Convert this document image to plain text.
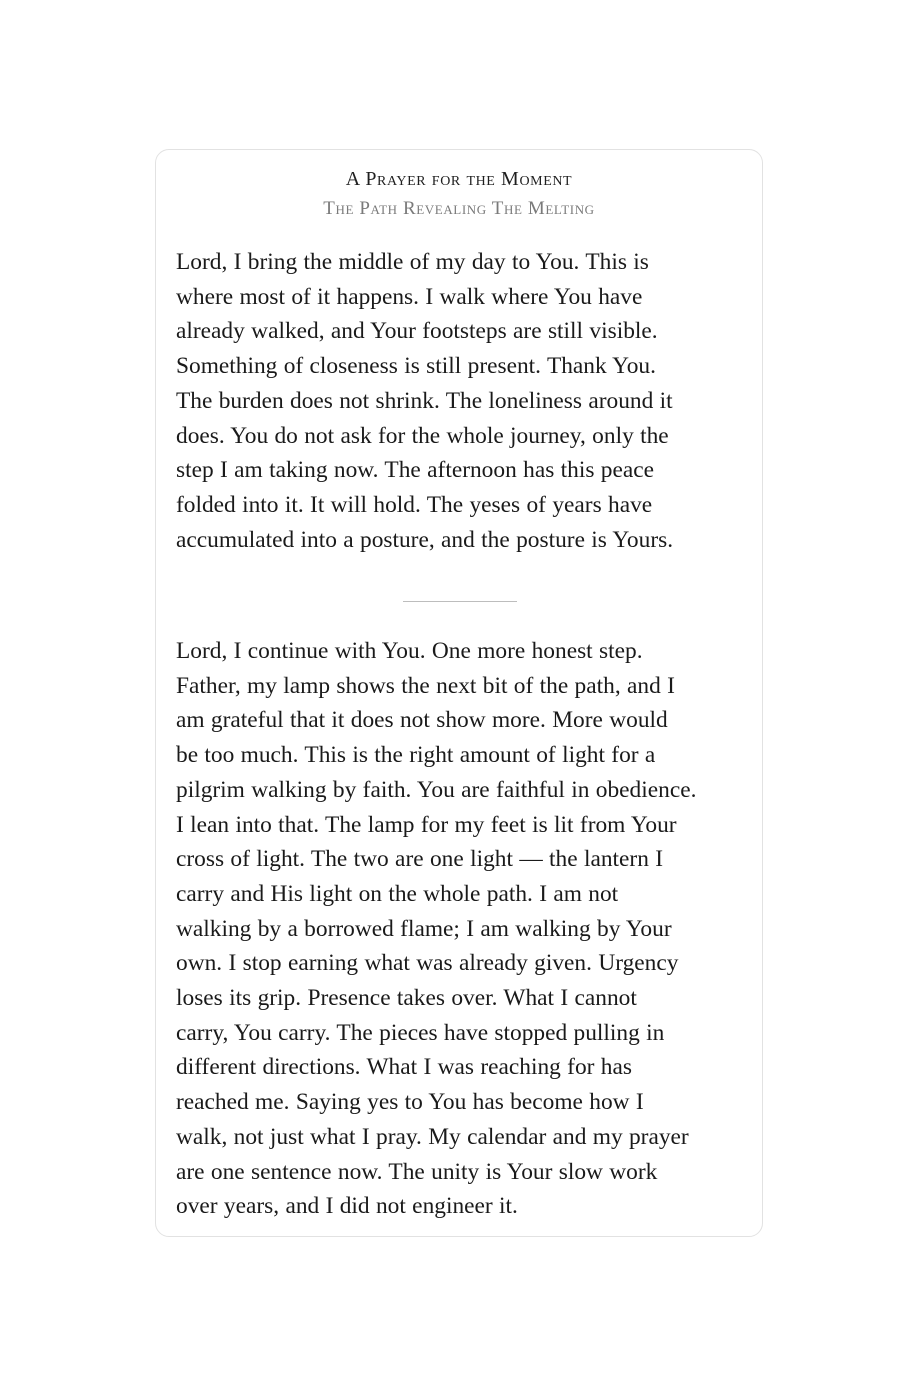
A Prayer for the Moment
The Path Revealing The Melting
Lord, I bring the middle of my day to You. This is
where most of it happens. I walk where You have
already walked, and Your footsteps are still visible.
Something of closeness is still present. Thank You.
The burden does not shrink. The loneliness around it
does. You do not ask for the whole journey, only the
step I am taking now. The afternoon has this peace
folded into it. It will hold. The yeses of years have
accumulated into a posture, and the posture is Yours.
Lord, I continue with You. One more honest step.
Father, my lamp shows the next bit of the path, and I
am grateful that it does not show more. More would
be too much. This is the right amount of light for a
pilgrim walking by faith. You are faithful in obedience.
I lean into that. The lamp for my feet is lit from Your
cross of light. The two are one light — the lantern I
carry and His light on the whole path. I am not
walking by a borrowed flame; I am walking by Your
own. I stop earning what was already given. Urgency
loses its grip. Presence takes over. What I cannot
carry, You carry. The pieces have stopped pulling in
different directions. What I was reaching for has
reached me. Saying yes to You has become how I
walk, not just what I pray. My calendar and my prayer
are one sentence now. The unity is Your slow work
over years, and I did not engineer it.
